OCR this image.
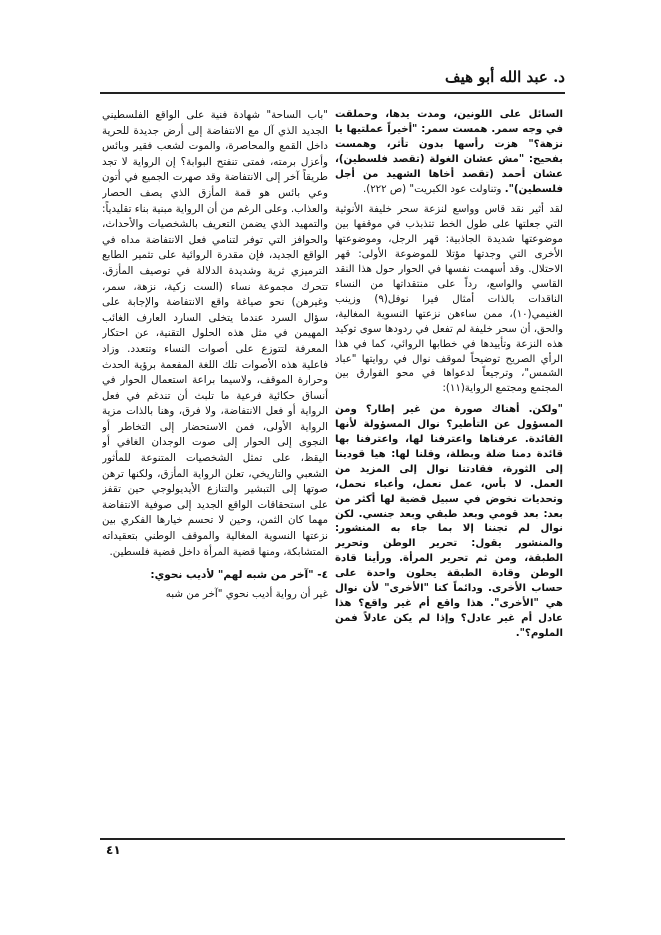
د. عبد الله أبو هيف

السائل على اللونين، ومدت يدها، وحملقت في وجه سمر. همست سمر: "أخيراً عملتيها يا نزهة؟" هزت رأسها بدون تأثر، وهمست بفحيح: "مش عشان الغولة (تقصد فلسطين)، عشان أحمد (تقصد أخاها الشهيد من أجل فلسطين)". وتناولت عود الكبريت" (ص ٢٢٢).

لقد أثير نقد قاس وواسع لنزعة سحر خليفة الأنوثية التي جعلتها على طول الخط تتذبذب في موقفها بين موضوعتها شديدة الجاذبية: قهر الرجل، وموضوعتها الأخرى التي وجدتها مؤتلا للموضوعة الأولى: قهر الاحتلال. وقد أسهمت نفسها في الحوار حول هذا النقد القاسي والواسع، رداً على منتقداتها من النساء الناقدات بالذات أمثال فيرا نوفل(٩) وزينب الغنيمي(١٠)، ممن ساءهن نزعتها النسوية المغالية، والحق، أن سحر خليفة لم تفعل في ردودها سوى توكيد هذه النزعة وتأييدها في خطابها الروائي، كما في هذا الرأي الصريح توضيحاً لموقف نوال في روايتها "عباد الشمس"، وترجيعاً لدعواها في محو الفوارق بين المجتمع ومجتمع الرواية(١١):

"ولكن. أهناك صورة من غير إطار؟ ومن المسؤول عن التأطير؟ نوال المسؤولة لأنها القائدة. عرفناها واعترفنا لها، واعترفنا بها قائدة دمنا ضلة وبطلة، وقلنا لها: هيا قودينا إلى الثورة، فقادتنا نوال إلى المزيد من العمل. لا بأس، عمل نعمل، وأعباء نحمل، وتحديات نخوض في سبيل قضية لها أكثر من بعد: بعد قومي وبعد طبقي وبعد جنسي. لكن نوال لم تجننا إلا بما جاء به المنشور: والمنشور يقول: تحرير الوطن وتحرير الطبقة، ومن ثم تحرير المرأة. ورأينا قادة الوطن وقادة الطبقة يحلون واحدة على حساب الأخرى. ودائماً كنا "الأخرى" لأن نوال هي "الأخرى". هذا واقع أم غير واقع؟ هذا عادل أم غير عادل؟ وإذا لم يكن عادلاً فمن الملوم؟".

"باب الساحة" شهادة فنية على الواقع الفلسطيني الجديد الذي آل مع الانتفاضة إلى أرض جديدة للحرية داخل القمع والمحاصرة، والموت لشعب فقير وبائس وأعزل برمته، فمتى تنفتح البوابة؟ إن الرواية لا تجد طريقاً آخر إلى الانتفاضة وقد صهرت الجميع في أتون وعي بائس هو قمة المأزق الذي يصف الحصار والعذاب. وعلى الرغم من أن الرواية مبنية بناء تقليدياً: والتمهيد الذي يضمن التعريف بالشخصيات والأحداث، والحوافز التي توفر لتنامي فعل الانتفاضة مداه في الواقع الجديد، فإن مقدرة الروائية على تثمير الطابع الترميزي ثرية وشديدة الدلالة في توصيف المأزق. تتحرك مجموعة نساء (الست زكية، نزهة، سمر، وغيرهن) نحو صياغة واقع الانتفاضة والإجابة على سؤال السرد عندما يتخلى السارد العارف الغائب المهيمن في مثل هذه الحلول التقنية، عن احتكار المعرفة لتتوزع على أصوات النساء وتتعدد. وزاد فاعلية هذه الأصوات تلك اللغة المفعمة برؤية الحدث وحرارة الموقف، ولاسيما براعة استعمال الحوار في أنساق حكائية فرعية ما تلبث أن تندغم في فعل الرواية أو فعل الانتفاضة، ولا فرق، وهنا بالذات مزية الرواية الأولى، فمن الاستحضار إلى التخاطر أو النجوى إلى الحوار إلى صوت الوجدان الغافي أو اليقظ، على تمثل الشخصيات المتنوعة للمأثور الشعبي والتاريخي، تعلن الرواية المأزق، ولكنها ترهن صوتها إلى التبشير والتنازع الأيديولوجي حين تقفز على استحقاقات الواقع الجديد إلى صوفية الانتفاضة مهما كان الثمن، وحين لا تحسم خيارها الفكري بين نزعتها النسوية المغالية والموقف الوطني بتعقيداته المتشابكة، ومنها قضية المرأة داخل قضية فلسطين.

٤- "آخر من شبه لهم" لأديب نحوي:

غير أن رواية أديب نحوي "آخر من شبه

٤١
